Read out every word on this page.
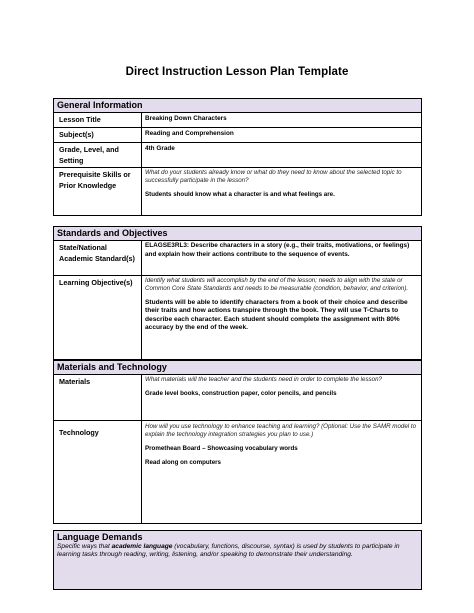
Direct Instruction Lesson Plan Template
General Information
Lesson Title	Breaking Down Characters
Subject(s)	Reading and Comprehension
Grade, Level, and Setting	4th Grade
Prerequisite Skills or Prior Knowledge	What do your students already know or what do they need to know about the selected topic to successfully participate in the lesson?
Students should know what a character is and what feelings are.
Standards and Objectives
State/National Academic Standard(s)	ELAGSE3RL3: Describe characters in a story (e.g., their traits, motivations, or feelings) and explain how their actions contribute to the sequence of events.
Learning Objective(s)	Identify what students will accomplish by the end of the lesson; needs to align with the state or Common Core State Standards and needs to be measurable (condition, behavior, and criterion).
Students will be able to identify characters from a book of their choice and describe their traits and how actions transpire through the book. They will use T-Charts to describe each character. Each student should complete the assignment with 80% accuracy by the end of the week.
Materials and Technology
Materials	What materials will the teacher and the students need in order to complete the lesson?
Grade level books, construction paper, color pencils, and pencils

Technology	How will you use technology to enhance teaching and learning? (Optional: Use the SAMR model to explain the technology integration strategies you plan to use.)
Promethean Board – Showcasing vocabulary words
Read along on computers
Language Demands
Specific ways that academic language (vocabulary, functions, discourse, syntax) is used by students to participate in learning tasks through reading, writing, listening, and/or speaking to demonstrate their understanding.
